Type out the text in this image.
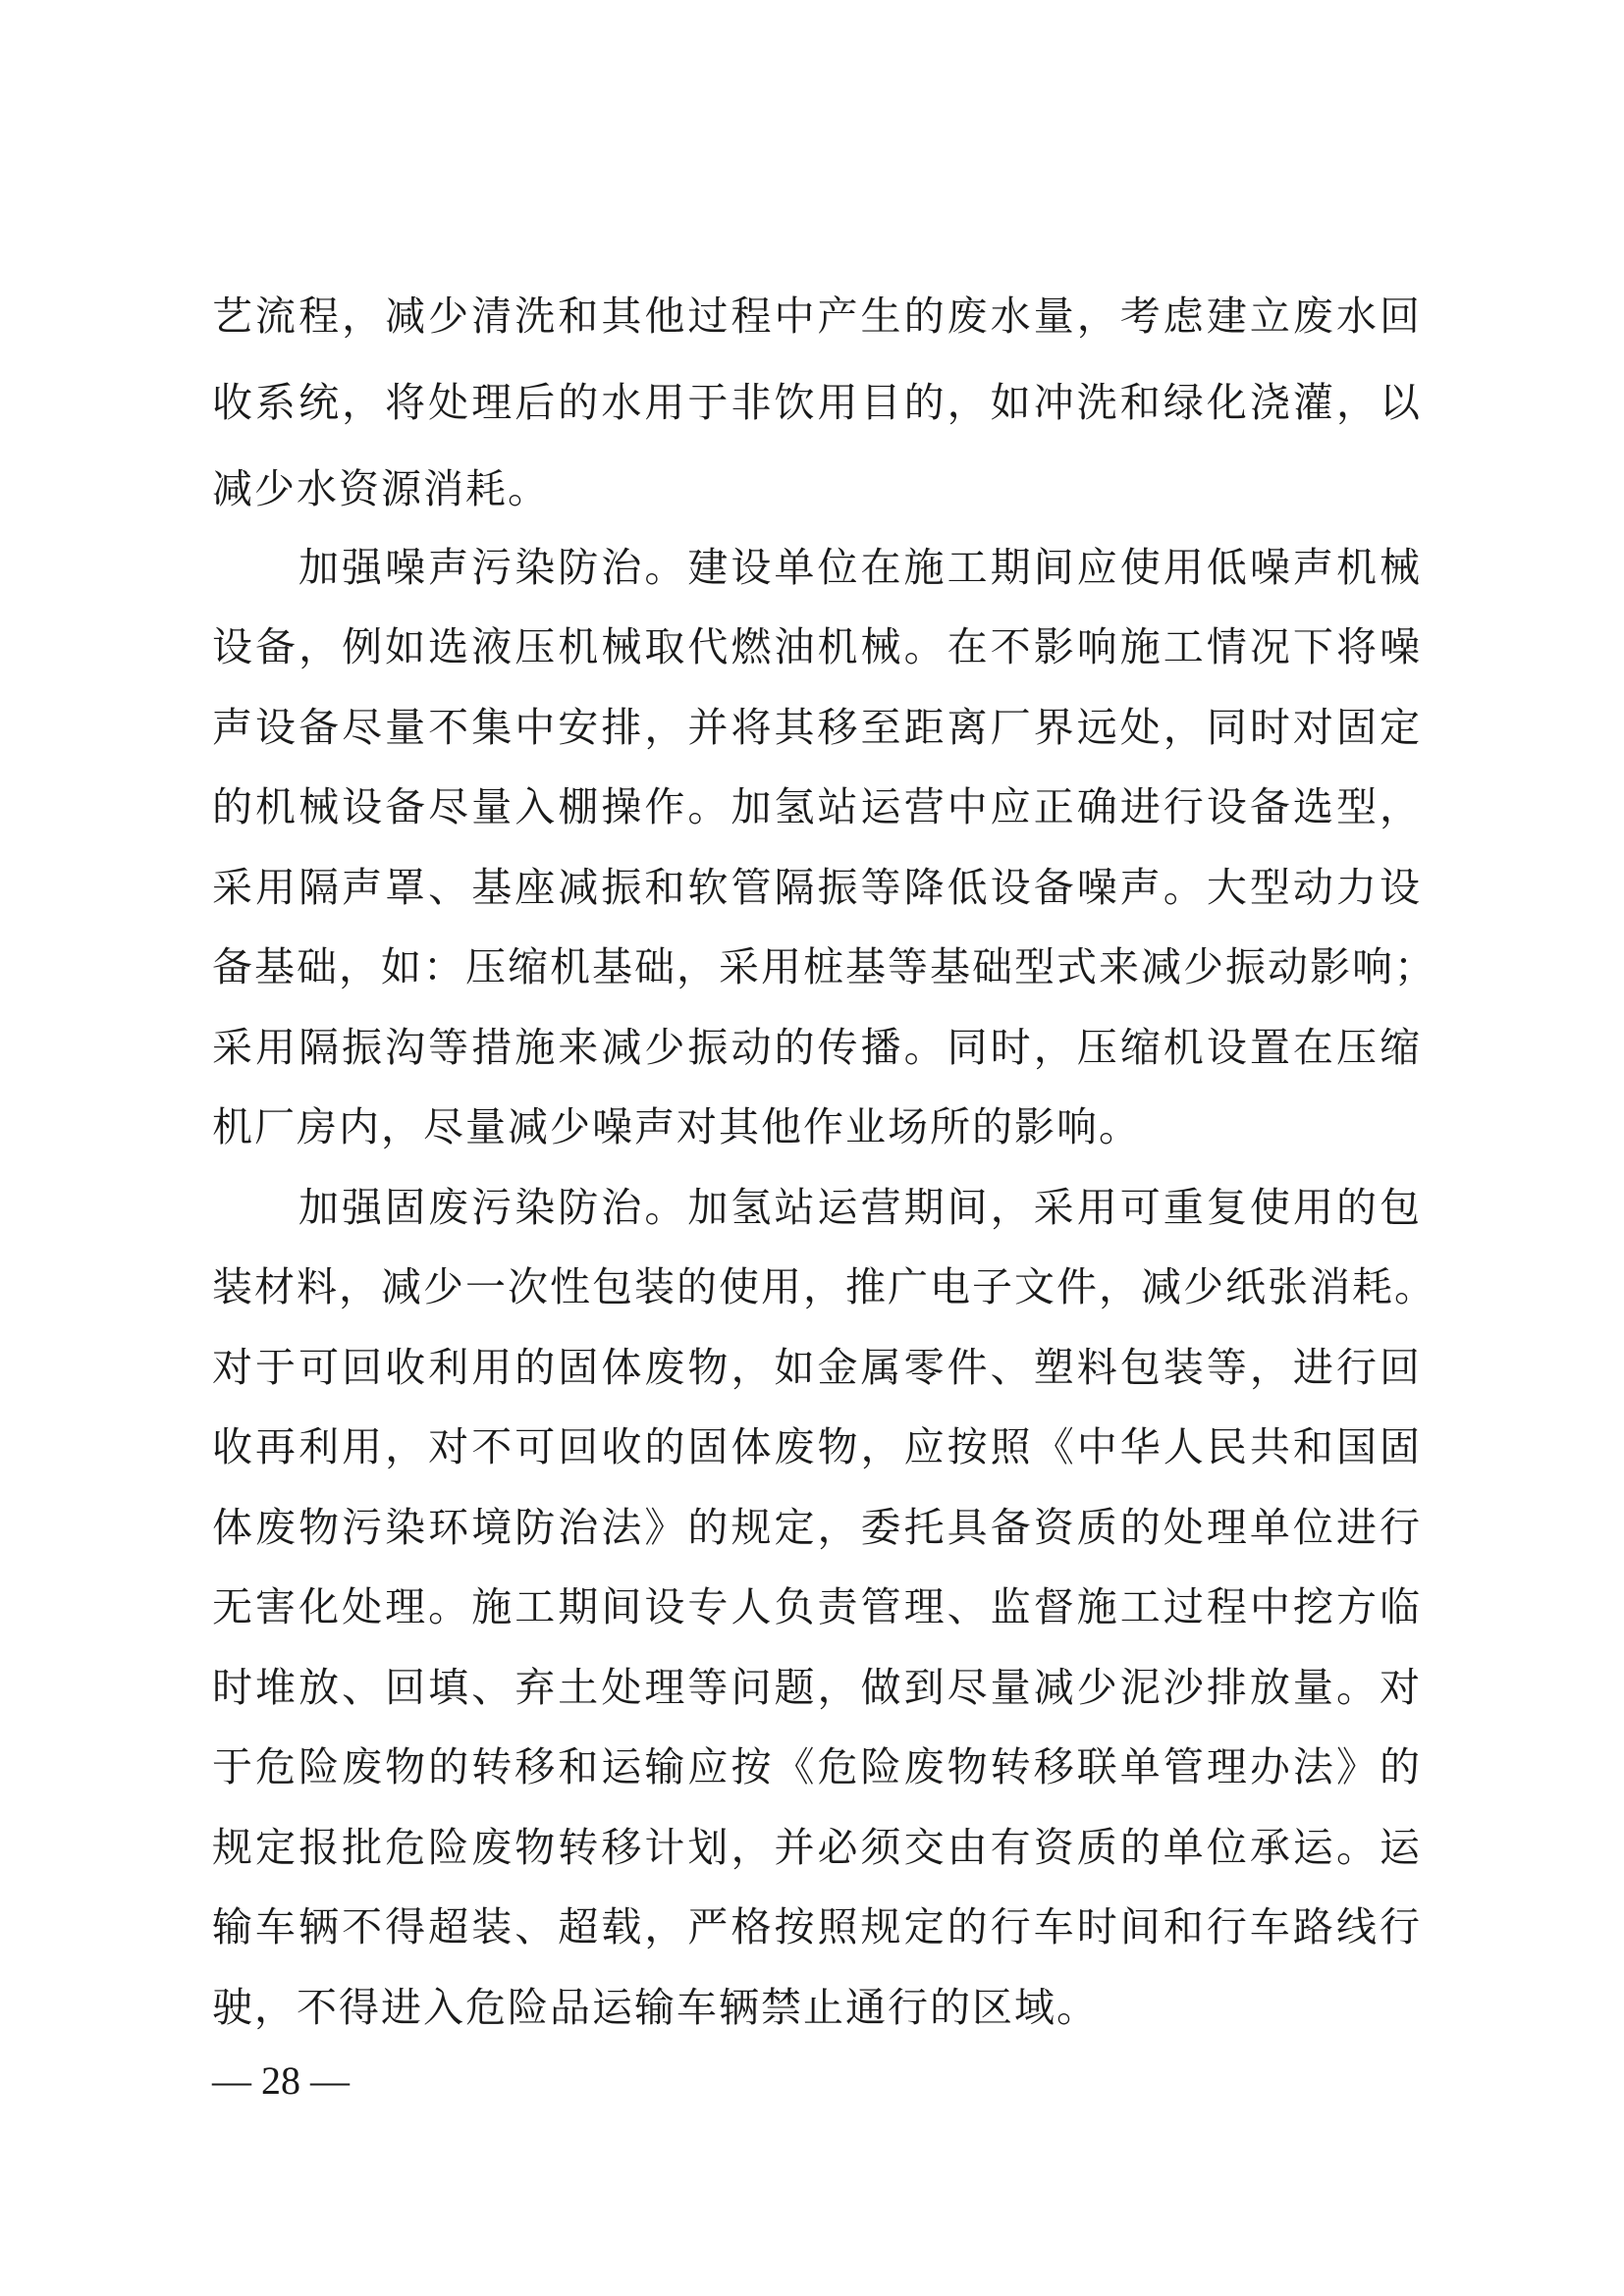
艺流程，减少清洗和其他过程中产生的废水量，考虑建立废水回
收系统，将处理后的水用于非饮用目的，如冲洗和绿化浇灌，以
减少水资源消耗。
加强噪声污染防治。建设单位在施工期间应使用低噪声机械
设备，例如选液压机械取代燃油机械。在不影响施工情况下将噪
声设备尽量不集中安排，并将其移至距离厂界远处，同时对固定
的机械设备尽量入棚操作。加氢站运营中应正确进行设备选型，
采用隔声罩、基座减振和软管隔振等降低设备噪声。大型动力设
备基础，如：压缩机基础，采用桩基等基础型式来减少振动影响；
采用隔振沟等措施来减少振动的传播。同时，压缩机设置在压缩
机厂房内，尽量减少噪声对其他作业场所的影响。
加强固废污染防治。加氢站运营期间，采用可重复使用的包
装材料，减少一次性包装的使用，推广电子文件，减少纸张消耗。
对于可回收利用的固体废物，如金属零件、塑料包装等，进行回
收再利用，对不可回收的固体废物，应按照《中华人民共和国固
体废物污染环境防治法》的规定，委托具备资质的处理单位进行
无害化处理。施工期间设专人负责管理、监督施工过程中挖方临
时堆放、回填、弃土处理等问题，做到尽量减少泥沙排放量。对
于危险废物的转移和运输应按《危险废物转移联单管理办法》的
规定报批危险废物转移计划，并必须交由有资质的单位承运。运
输车辆不得超装、超载，严格按照规定的行车时间和行车路线行
驶，不得进入危险品运输车辆禁止通行的区域。
— 28 —
